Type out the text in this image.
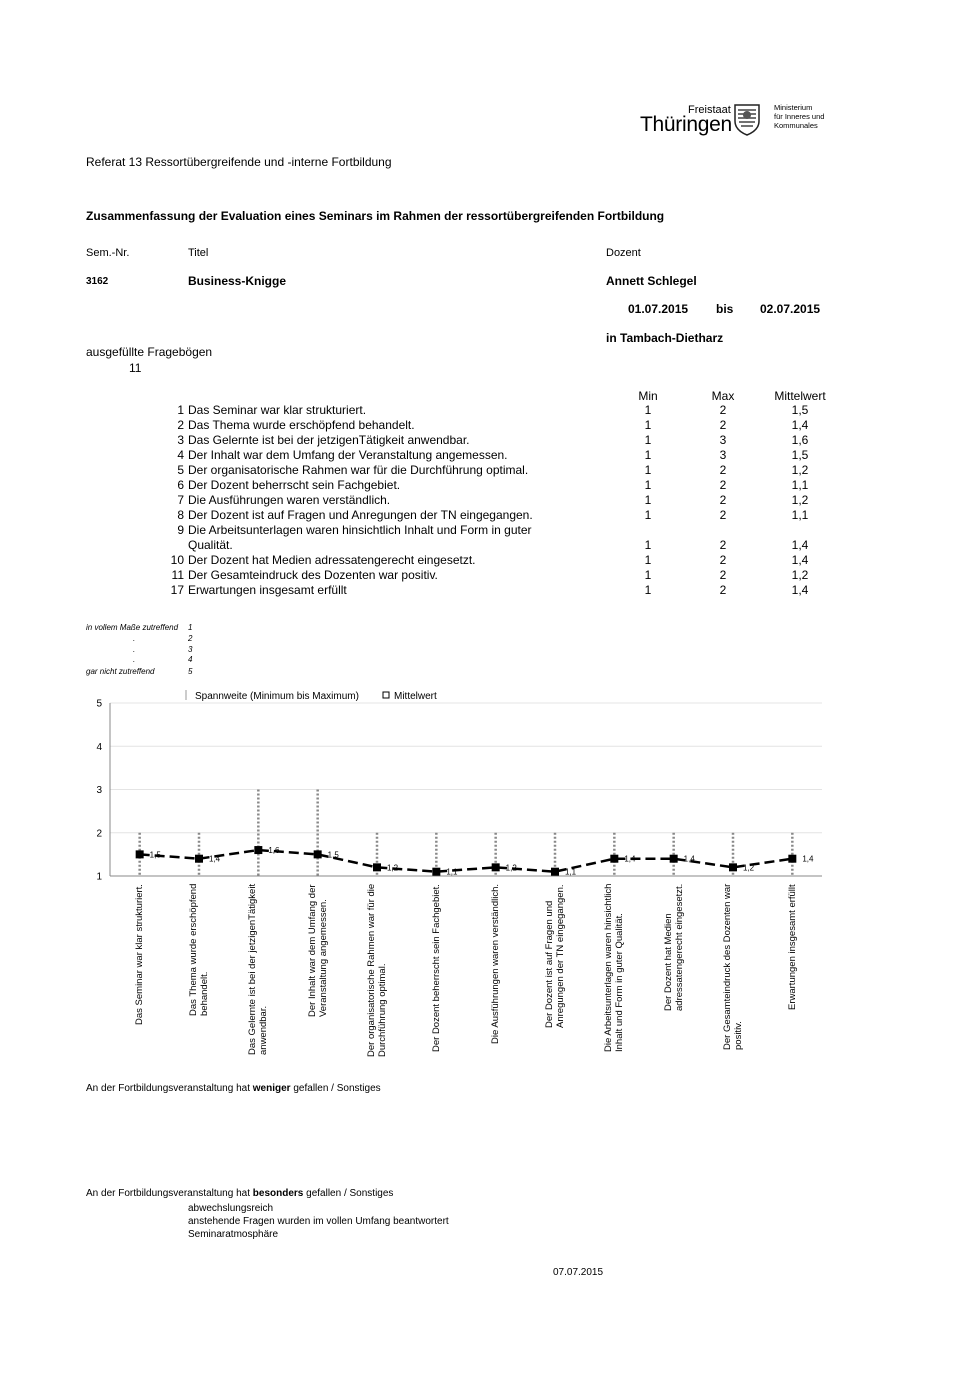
Freistaat
Thüringen
Ministerium
für Inneres und
Kommunales
Referat 13 Ressortübergreifende und -interne Fortbildung
Zusammenfassung der Evaluation eines Seminars im Rahmen der ressortübergreifenden Fortbildung
Sem.-Nr.	Titel	Dozent
3162	Business-Knigge	Annett Schlegel
01.07.2015 bis 02.07.2015
in Tambach-Dietharz
ausgefüllte Fragebögen
11
Min	Max	Mittelwert
1 Das Seminar war klar strukturiert.	1	2	1,5
2 Das Thema wurde erschöpfend behandelt.	1	2	1,4
3 Das Gelernte ist bei der jetzigenTätigkeit anwendbar.	1	3	1,6
4 Der Inhalt war dem Umfang der Veranstaltung angemessen.	1	3	1,5
5 Der organisatorische Rahmen war für die Durchführung optimal.	1	2	1,2
6 Der Dozent beherrscht sein Fachgebiet.	1	2	1,1
7 Die Ausführungen waren verständlich.	1	2	1,2
8 Der Dozent ist auf Fragen und Anregungen der TN eingegangen.	1	2	1,1
9 Die Arbeitsunterlagen waren hinsichtlich Inhalt und Form in guter
Qualität.	1	2	1,4
10 Der Dozent hat Medien adressatengerecht eingesetzt.	1	2	1,4
11 Der Gesamteindruck des Dozenten war positiv.	1	2	1,2
17 Erwartungen insgesamt erfüllt	1	2	1,4
in vollem Maße zutreffend 1
.	2
.	3
.	4
gar nicht zutreffend	5
1
2
3
4
5
Spannweite (Minimum bis Maximum)	Mittelwert
1,5	1,4
1,6	1,5
1,2	1,1	1,2	1,1
1,4	1,4
1,2
1,4
Das Seminar war klar strukturiert.	Das Thema wurde erschöpfend behandelt.	Das Gelernte ist bei der jetzigenTätigkeit anwendbar.
Der Inhalt war dem Umfang der Veranstaltung angemessen.	Der organisatorische Rahmen war für die Durchführung optimal.	Der Dozent beherrscht sein Fachgebiet.	Die Ausführungen waren verständlich.	Der Dozent ist auf Fragen und Anregungen der TN eingegangen.	Die Arbeitsunterlagen waren hinsichtlich Inhalt und Form in guter Qualität.	Der Dozent hat Medien adressatengerecht eingesetzt.	Der Gesamteindruck des Dozenten war positiv.
Erwartungen insgesamt erfüllt
An der Fortbildungsveranstaltung hat weniger gefallen / Sonstiges
An der Fortbildungsveranstaltung hat besonders gefallen / Sonstiges
abwechslungsreich
anstehende Fragen wurden im vollen Umfang beantwortert
Seminaratmosphäre
07.07.2015
